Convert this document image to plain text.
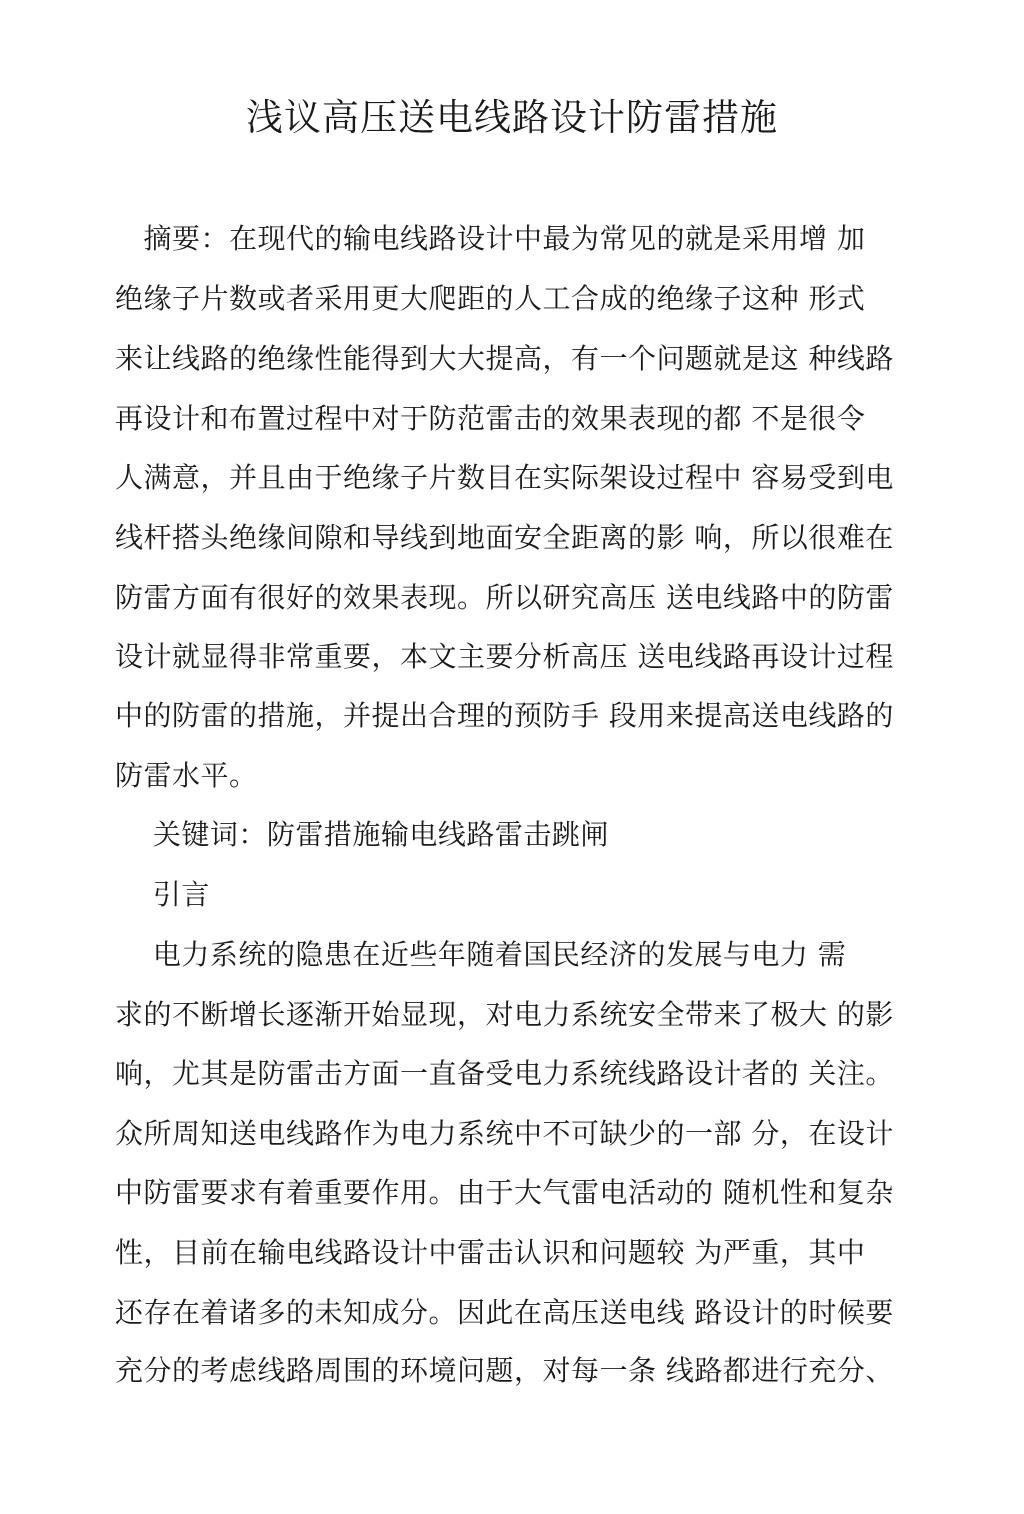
浅议高压送电线路设计防雷措施
　摘要：在现代的输电线路设计中最为常见的就是采用增 加
绝缘子片数或者采用更大爬距的人工合成的绝缘子这种 形式
来让线路的绝缘性能得到大大提高，有一个问题就是这 种线路
再设计和布置过程中对于防范雷击的效果表现的都 不是很令
人满意，并且由于绝缘子片数目在实际架设过程中 容易受到电
线杆搭头绝缘间隙和导线到地面安全距离的影 响，所以很难在
防雷方面有很好的效果表现。所以研究高压 送电线路中的防雷
设计就显得非常重要，本文主要分析高压 送电线路再设计过程
中的防雷的措施，并提出合理的预防手 段用来提高送电线路的
防雷水平。
　 关键词：防雷措施输电线路雷击跳闸
　 引言
　 电力系统的隐患在近些年随着国民经济的发展与电力 需
求的不断增长逐渐开始显现，对电力系统安全带来了极大 的影
响，尤其是防雷击方面一直备受电力系统线路设计者的 关注。
众所周知送电线路作为电力系统中不可缺少的一部 分，在设计
中防雷要求有着重要作用。由于大气雷电活动的 随机性和复杂
性，目前在输电线路设计中雷击认识和问题较 为严重，其中
还存在着诸多的未知成分。因此在高压送电线 路设计的时候要
充分的考虑线路周围的环境问题，对每一条 线路都进行充分、
